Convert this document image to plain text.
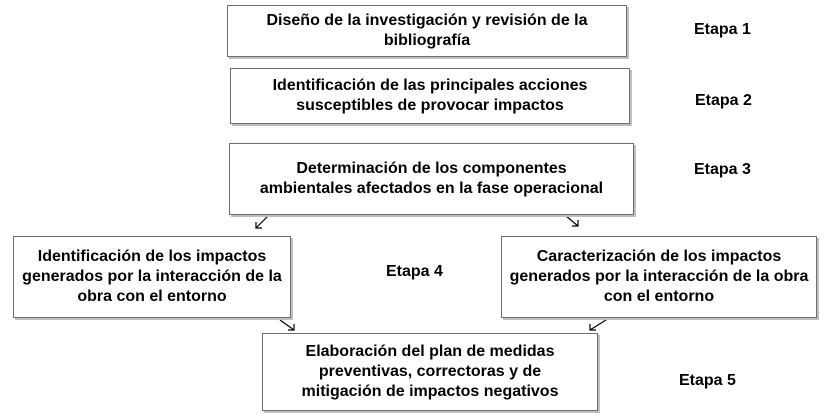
Diseño de la investigación y revisión de la bibliografía
Identificación de las principales acciones susceptibles de provocar impactos
Determinación de los componentes ambientales afectados en la fase operacional
Identificación de los impactos generados por la interacción de la obra con el entorno
Caracterización de los impactos generados por la interacción de la obra con el entorno
Elaboración del plan de medidas preventivas, correctoras y de mitigación de impactos negativos
Etapa 1
Etapa 2
Etapa 3
Etapa 4
Etapa 5
